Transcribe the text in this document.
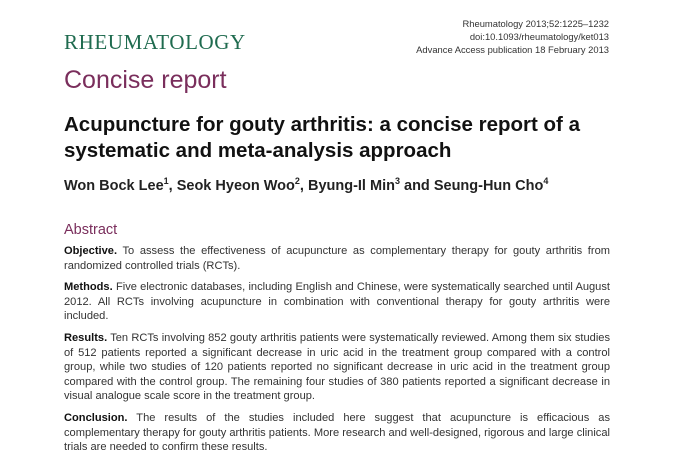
RHEUMATOLOGY
Rheumatology 2013;52:1225–1232
doi:10.1093/rheumatology/ket013
Advance Access publication 18 February 2013
Concise report
Acupuncture for gouty arthritis: a concise report of a systematic and meta-analysis approach
Won Bock Lee$^1$, Seok Hyeon Woo$^2$, Byung-Il Min$^3$ and Seung-Hun Cho$^4$
Abstract

Objective. To assess the effectiveness of acupuncture as complementary therapy for gouty arthritis from randomized controlled trials (RCTs).

Methods. Five electronic databases, including English and Chinese, were systematically searched until August 2012. All RCTs involving acupuncture in combination with conventional therapy for gouty arthritis were included.

Results. Ten RCTs involving 852 gouty arthritis patients were systematically reviewed. Among them six studies of 512 patients reported a significant decrease in uric acid in the treatment group compared with a control group, while two studies of 120 patients reported no significant decrease in uric acid in the treatment group compared with the control group. The remaining four studies of 380 patients reported a significant decrease in visual analogue scale score in the treatment group.

Conclusion. The results of the studies included here suggest that acupuncture is efficacious as complementary therapy for gouty arthritis patients. More research and well-designed, rigorous and large clinical trials are needed to confirm these results.
